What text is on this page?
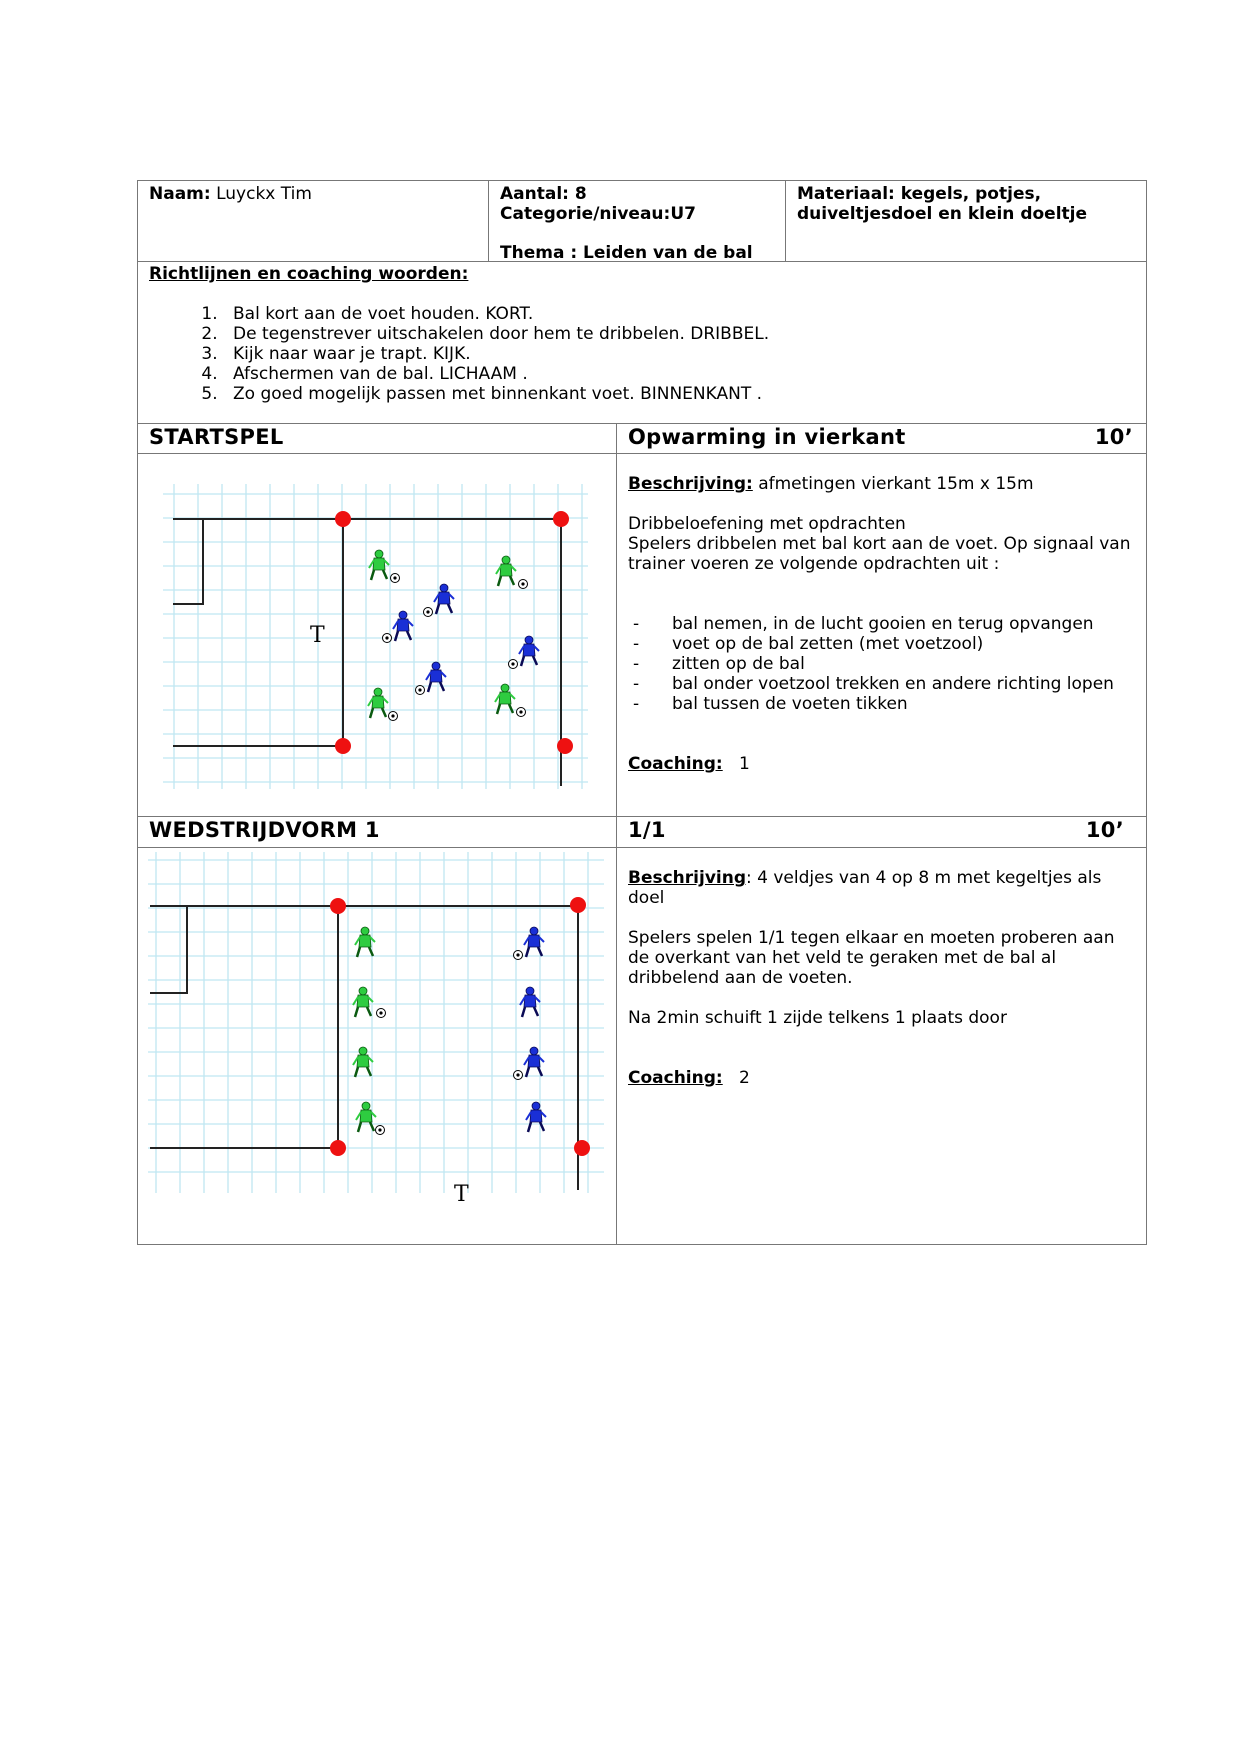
Naam: Luyckx Tim	Aantal: 8
Categorie/niveau:U7
Thema : Leiden van de bal
Materiaal: kegels, potjes,
duiveltjesdoel en klein doeltje
Richtlijnen en coaching woorden:
1. Bal kort aan de voet houden. KORT.
2. De tegenstrever uitschakelen door hem te dribbelen. DRIBBEL.
3. Kijk naar waar je trapt. KIJK.
4. Afschermen van de bal. LICHAAM .
5. Zo goed mogelijk passen met binnenkant voet. BINNENKANT .
STARTSPEL	Opwarming in vierkant	10’
T

Beschrijving: afmetingen vierkant 15m x 15m

Dribbeloefening met opdrachten

Spelers dribbelen met bal kort aan de voet. Op signaal van

trainer voeren ze volgende opdrachten uit :

- bal nemen, in de lucht gooien en terug opvangen
- voet op de bal zetten (met voetzool)
- zitten op de bal
- bal onder voetzool trekken en andere richting lopen
- bal tussen de voeten tikken

Coaching: 1

WEDSTRIJDVORM 1	1/1	10’
T

Beschrijving: 4 veldjes van 4 op 8 m met kegeltjes als doel

Spelers spelen 1/1 tegen elkaar en moeten proberen aan

de overkant van het veld te geraken met de bal al

dribbelend aan de voeten.

Na 2min schuift 1 zijde telkens 1 plaats door

Coaching: 2
